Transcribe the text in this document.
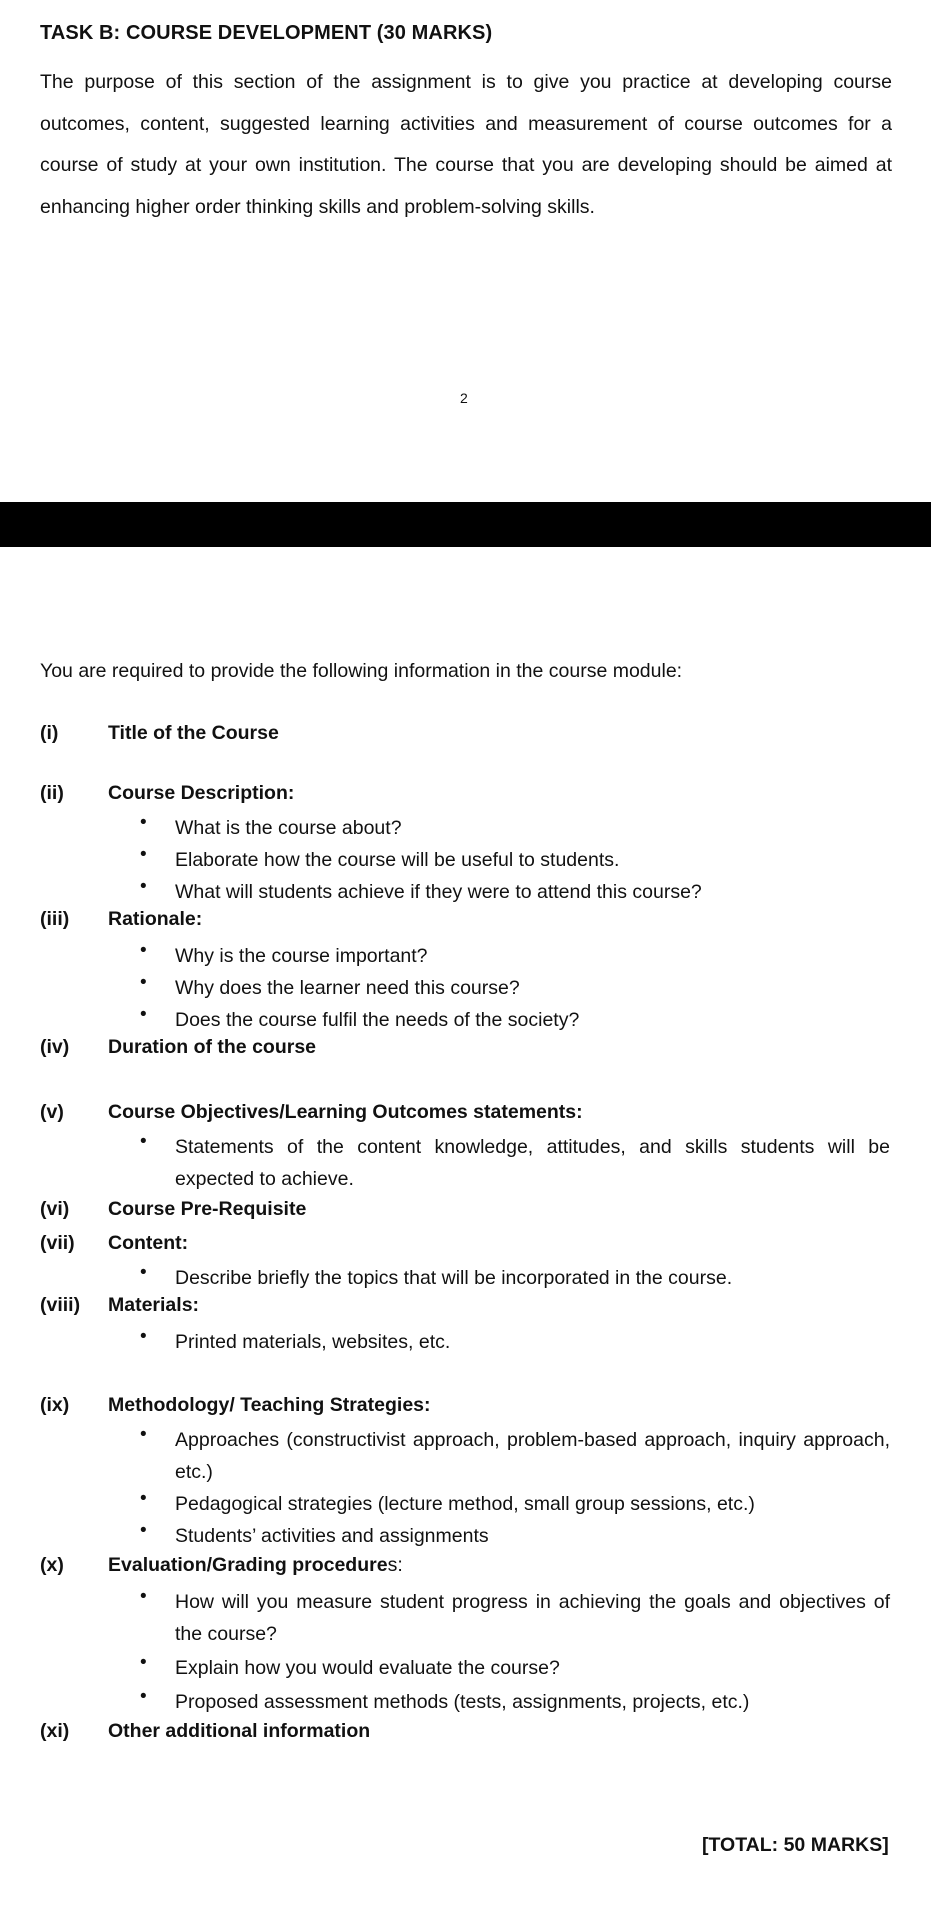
TASK B: COURSE DEVELOPMENT (30 MARKS)

The purpose of this section of the assignment is to give you practice at developing course outcomes, content, suggested learning activities and measurement of course outcomes for a course of study at your own institution. The course that you are developing should be aimed at enhancing higher order thinking skills and problem-solving skills.

2
You are required to provide the following information in the course module:
(i)	Title of the Course
(ii) Course Description:
• What is the course about?
• Elaborate how the course will be useful to students.
• What will students achieve if they were to attend this course?
(iii) Rationale:
• Why is the course important?
• Why does the learner need this course?
• Does the course fulfil the needs of the society?
(iv) Duration of the course
(v) Course Objectives/Learning Outcomes statements:
• Statements of the content knowledge, attitudes, and skills students will be expected to achieve.
(vi) Course Pre-Requisite
(vii) Content:
• Describe briefly the topics that will be incorporated in the course.
(viii) Materials:
• Printed materials, websites, etc.
(ix) Methodology/ Teaching Strategies:
• Approaches (constructivist approach, problem-based approach, inquiry approach, etc.)
• Pedagogical strategies (lecture method, small group sessions, etc.)
• Students’ activities and assignments
(x) Evaluation/Grading procedures:
• How will you measure student progress in achieving the goals and objectives of the course?
• Explain how you would evaluate the course?
• Proposed assessment methods (tests, assignments, projects, etc.)
(xi) Other additional information
[TOTAL: 50 MARKS]
